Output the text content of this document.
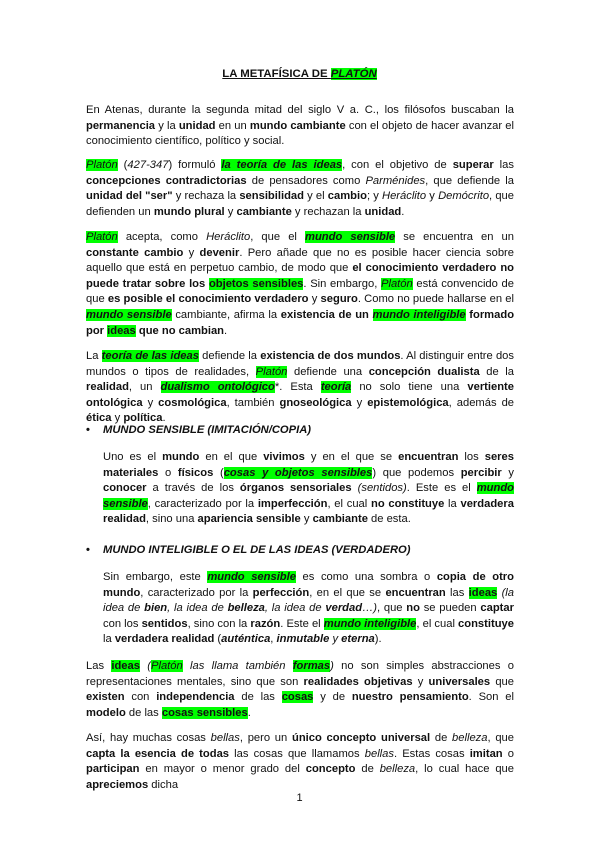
LA METAFÍSICA DE PLATÓN

En Atenas, durante la segunda mitad del siglo V a. C., los filósofos buscaban la permanencia y la unidad en un mundo cambiante con el objeto de hacer avanzar el conocimiento científico, político y social.

Platón (427-347) formuló la teoría de las ideas, con el objetivo de superar las concepciones contradictorias de pensadores como Parménides, que defiende la unidad del "ser" y rechaza la sensibilidad y el cambio; y Heráclito y Demócrito, que defienden un mundo plural y cambiante y rechazan la unidad.

Platón acepta, como Heráclito, que el mundo sensible se encuentra en un constante cambio y devenir. Pero añade que no es posible hacer ciencia sobre aquello que está en perpetuo cambio, de modo que el conocimiento verdadero no puede tratar sobre los objetos sensibles. Sin embargo, Platón está convencido de que es posible el conocimiento verdadero y seguro. Como no puede hallarse en el mundo sensible cambiante, afirma la existencia de un mundo inteligible formado por ideas que no cambian.

La teoría de las ideas defiende la existencia de dos mundos. Al distinguir entre dos mundos o tipos de realidades, Platón defiende una concepción dualista de la realidad, un dualismo ontológico*. Esta teoría no solo tiene una vertiente ontológica y cosmológica, también gnoseológica y epistemológica, además de ética y política.

• MUNDO SENSIBLE (IMITACIÓN/COPIA)

Uno es el mundo en el que vivimos y en el que se encuentran los seres materiales o físicos (cosas y objetos sensibles) que podemos percibir y conocer a través de los órganos sensoriales (sentidos). Este es el mundo sensible, caracterizado por la imperfección, el cual no constituye la verdadera realidad, sino una apariencia sensible y cambiante de esta.

• MUNDO INTELIGIBLE O EL DE LAS IDEAS (VERDADERO)

Sin embargo, este mundo sensible es como una sombra o copia de otro mundo, caracterizado por la perfección, en el que se encuentran las ideas (la idea de bien, la idea de belleza, la idea de verdad…), que no se pueden captar con los sentidos, sino con la razón. Este el mundo inteligible, el cual constituye la verdadera realidad (auténtica, inmutable y eterna).

Las ideas (Platón las llama también formas) no son simples abstracciones o representaciones mentales, sino que son realidades objetivas y universales que existen con independencia de las cosas y de nuestro pensamiento. Son el modelo de las cosas sensibles.

Así, hay muchas cosas bellas, pero un único concepto universal de belleza, que capta la esencia de todas las cosas que llamamos bellas. Estas cosas imitan o participan en mayor o menor grado del concepto de belleza, lo cual hace que apreciemos dicha

1
